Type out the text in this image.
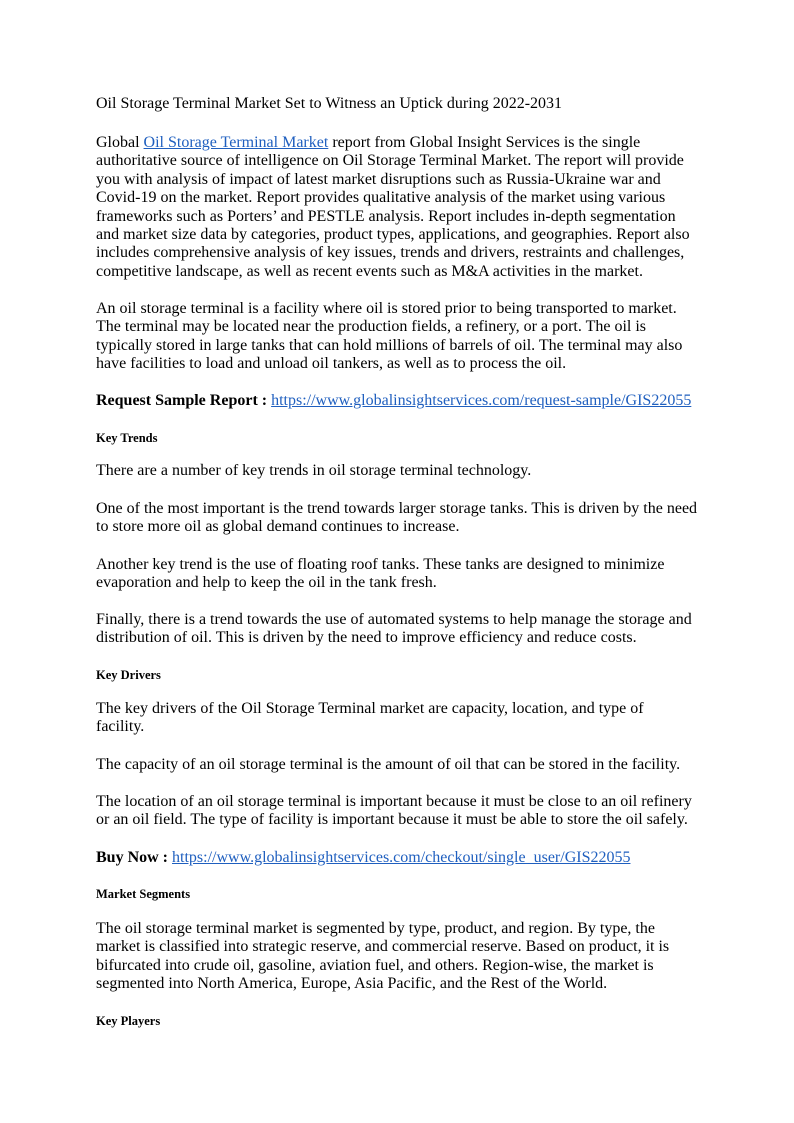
Oil Storage Terminal Market Set to Witness an Uptick during 2022-2031
Global Oil Storage Terminal Market report from Global Insight Services is the single
authoritative source of intelligence on Oil Storage Terminal Market. The report will provide
you with analysis of impact of latest market disruptions such as Russia-Ukraine war and
Covid-19 on the market. Report provides qualitative analysis of the market using various
frameworks such as Porters’ and PESTLE analysis. Report includes in-depth segmentation
and market size data by categories, product types, applications, and geographies. Report also
includes comprehensive analysis of key issues, trends and drivers, restraints and challenges,
competitive landscape, as well as recent events such as M&A activities in the market.
An oil storage terminal is a facility where oil is stored prior to being transported to market.
The terminal may be located near the production fields, a refinery, or a port. The oil is
typically stored in large tanks that can hold millions of barrels of oil. The terminal may also
have facilities to load and unload oil tankers, as well as to process the oil.
Request Sample Report : https://www.globalinsightservices.com/request-sample/GIS22055
Key Trends
There are a number of key trends in oil storage terminal technology.
One of the most important is the trend towards larger storage tanks. This is driven by the need
to store more oil as global demand continues to increase.
Another key trend is the use of floating roof tanks. These tanks are designed to minimize
evaporation and help to keep the oil in the tank fresh.
Finally, there is a trend towards the use of automated systems to help manage the storage and
distribution of oil. This is driven by the need to improve efficiency and reduce costs.
Key Drivers
The key drivers of the Oil Storage Terminal market are capacity, location, and type of
facility.
The capacity of an oil storage terminal is the amount of oil that can be stored in the facility.
The location of an oil storage terminal is important because it must be close to an oil refinery
or an oil field. The type of facility is important because it must be able to store the oil safely.
Buy Now : https://www.globalinsightservices.com/checkout/single_user/GIS22055
Market Segments
The oil storage terminal market is segmented by type, product, and region. By type, the
market is classified into strategic reserve, and commercial reserve. Based on product, it is
bifurcated into crude oil, gasoline, aviation fuel, and others. Region-wise, the market is
segmented into North America, Europe, Asia Pacific, and the Rest of the World.
Key Players
